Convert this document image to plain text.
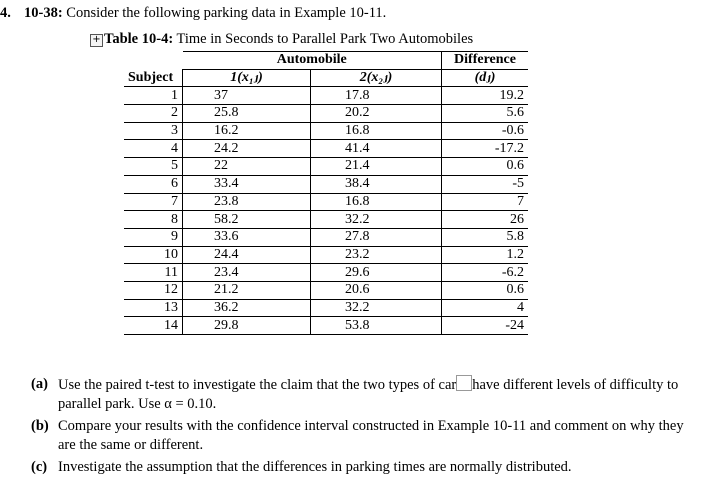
4. 10-38: Consider the following parking data in Example 10-11.
+ Table 10-4: Time in Seconds to Parallel Park Two Automobiles
	Automobile		Difference
Subject	1(x₁ⱼ)	2(x₂ⱼ)	(dⱼ)
1	37	17.8	19.2
2	25.8	20.2	5.6
3	16.2	16.8	-0.6
4	24.2	41.4	-17.2
5	22	21.4	0.6
6	33.4	38.4	-5
7	23.8	16.8	7
8	58.2	32.2	26
9	33.6	27.8	5.8
10	24.4	23.2	1.2
11	23.4	29.6	-6.2
12	21.2	20.6	0.6
13	36.2	32.2	4
14	29.8	53.8	-24
(a) Use the paired t-test to investigate the claim that the two types of car have different levels of difficulty to parallel park. Use α = 0.10.
(b) Compare your results with the confidence interval constructed in Example 10-11 and comment on why they are the same or different.
(c) Investigate the assumption that the differences in parking times are normally distributed.
